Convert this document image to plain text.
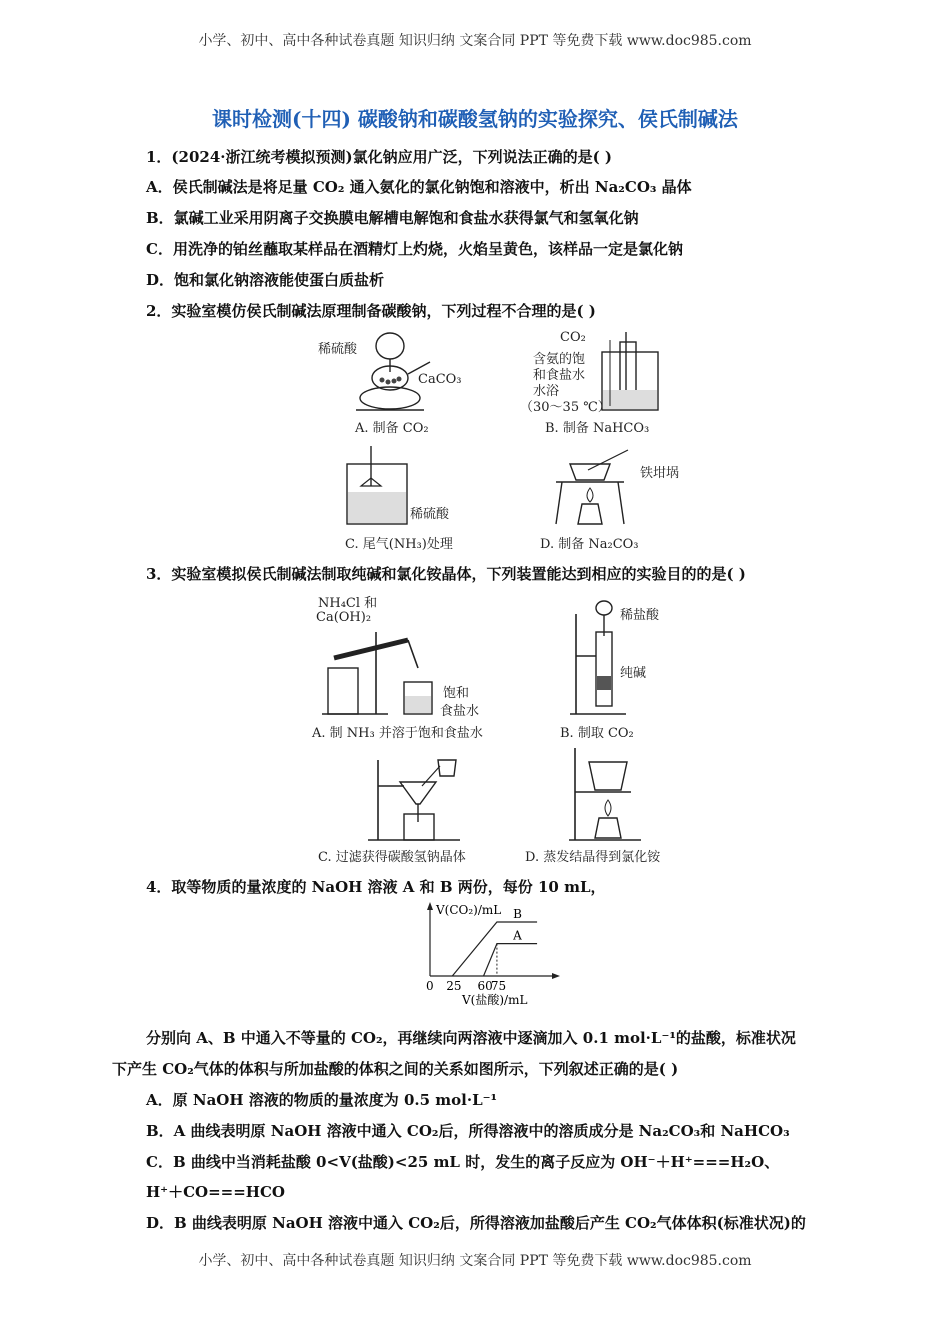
小学、初中、高中各种试卷真题 知识归纳 文案合同 PPT 等免费下载 www.doc985.com
课时检测(十四) 碳酸钠和碳酸氢钠的实验探究、侯氏制碱法
1．(2024·浙江统考模拟预测)氯化钠应用广泛，下列说法正确的是( )
A．侯氏制碱法是将足量 CO₂ 通入氨化的氯化钠饱和溶液中，析出 Na₂CO₃ 晶体
B．氯碱工业采用阴离子交换膜电解槽电解饱和食盐水获得氯气和氢氧化钠
C．用洗净的铂丝蘸取某样品在酒精灯上灼烧，火焰呈黄色，该样品一定是氯化钠
D．饱和氯化钠溶液能使蛋白质盐析
2．实验室模仿侯氏制碱法原理制备碳酸钠，下列过程不合理的是( )
稀硫酸
CaCO₃
A. 制备 CO₂
CO₂
含氨的饱
和食盐水
水浴
（30～35 ℃）
B. 制备 NaHCO₃
稀硫酸
C. 尾气(NH₃)处理
铁坩埚
D. 制备 Na₂CO₃
3．实验室模拟侯氏制碱法制取纯碱和氯化铵晶体，下列装置能达到相应的实验目的的是( )
NH₄Cl 和
Ca(OH)₂
饱和
食盐水
A. 制 NH₃ 并溶于饱和食盐水
稀盐酸
纯碱
B. 制取 CO₂
C. 过滤获得碳酸氢钠晶体	D. 蒸发结晶得到氯化铵
4．取等物质的量浓度的 NaOH 溶液 A 和 B 两份，每份 10 mL，
V(CO₂)/mL
V(盐酸)/mL
0 25 60
75
B
A
分别向 A、B 中通入不等量的 CO₂，再继续向两溶液中逐滴加入 0.1 mol·L⁻¹的盐酸，标准状况
下产生 CO₂气体的体积与所加盐酸的体积之间的关系如图所示，下列叙述正确的是( )
A．原 NaOH 溶液的物质的量浓度为 0.5 mol·L⁻¹
B．A 曲线表明原 NaOH 溶液中通入 CO₂后，所得溶液中的溶质成分是 Na₂CO₃和 NaHCO₃
C．B 曲线中当消耗盐酸 0<V(盐酸)<25 mL 时，发生的离子反应为 OH⁻＋H⁺===H₂O、
H⁺＋CO===HCO
D．B 曲线表明原 NaOH 溶液中通入 CO₂后，所得溶液加盐酸后产生 CO₂气体体积(标准状况)的
小学、初中、高中各种试卷真题 知识归纳 文案合同 PPT 等免费下载 www.doc985.com
